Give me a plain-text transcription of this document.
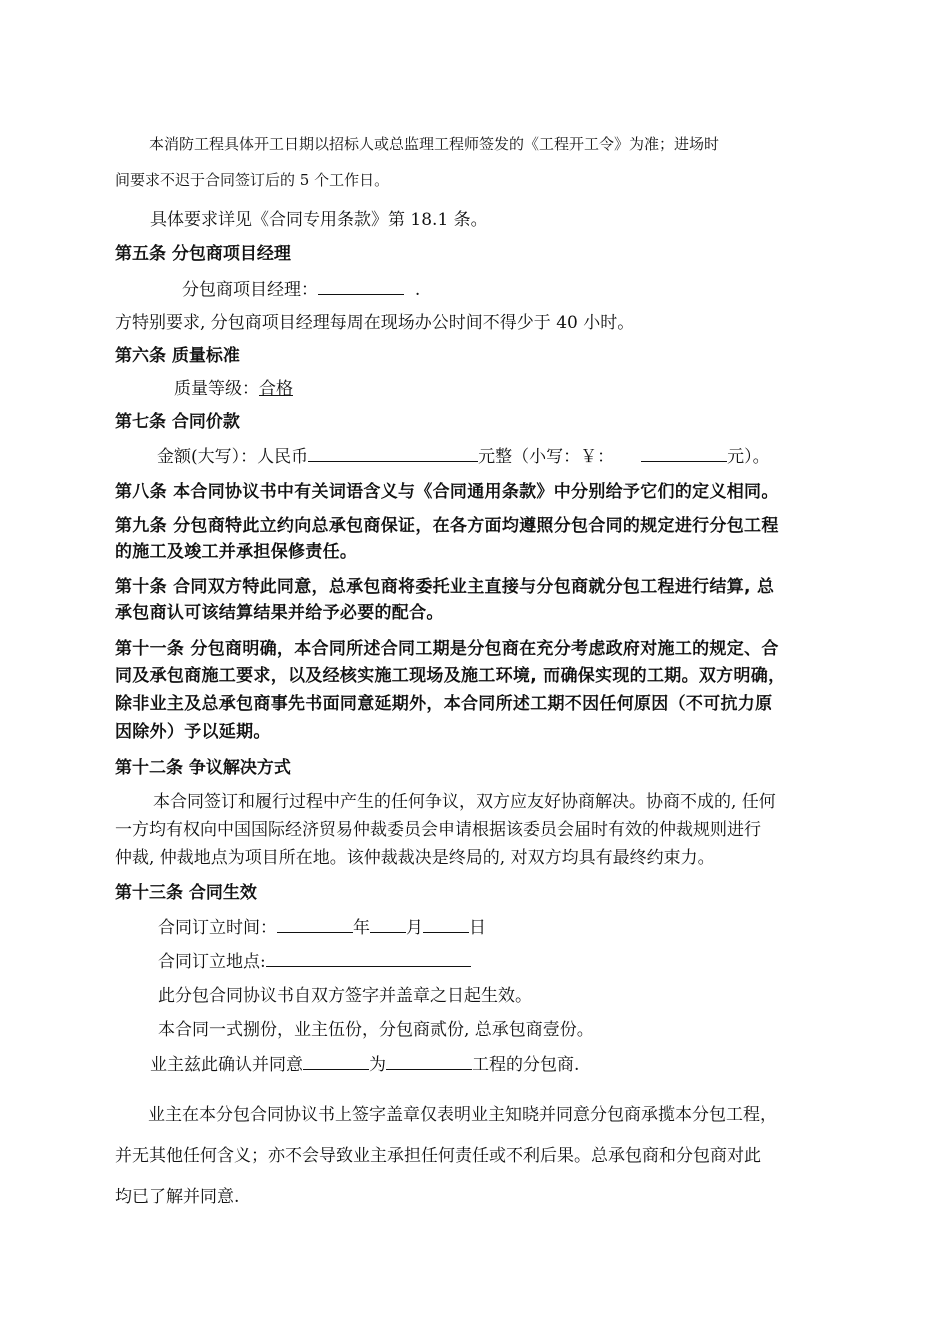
本消防工程具体开工日期以招标人或总监理工程师签发的《工程开工令》为准；进场时
间要求不迟于合同签订后的 5 个工作日。
具体要求详见《合同专用条款》第 18.1 条。
第五条 分包商项目经理
分包商项目经理：	.
方特别要求, 分包商项目经理每周在现场办公时间不得少于 40 小时。
第六条 质量标准
质量等级：合格
第七条 合同价款
金额(大写）：人民币	元整（小写：￥：	元）。
第八条 本合同协议书中有关词语含义与《合同通用条款》中分别给予它们的定义相同。
第九条 分包商特此立约向总承包商保证，在各方面均遵照分包合同的规定进行分包工程
的施工及竣工并承担保修责任。
第十条 合同双方特此同意，总承包商将委托业主直接与分包商就分包工程进行结算, 总
承包商认可该结算结果并给予必要的配合。
第十一条 分包商明确，本合同所述合同工期是分包商在充分考虑政府对施工的规定、合
同及承包商施工要求，以及经核实施工现场及施工环境, 而确保实现的工期。双方明确，
除非业主及总承包商事先书面同意延期外，本合同所述工期不因任何原因（不可抗力原
因除外）予以延期。
第十二条 争议解决方式
本合同签订和履行过程中产生的任何争议，双方应友好协商解决。协商不成的, 任何
一方均有权向中国国际经济贸易仲裁委员会申请根据该委员会届时有效的仲裁规则进行
仲裁, 仲裁地点为项目所在地。该仲裁裁决是终局的, 对双方均具有最终约束力。
第十三条 合同生效
合同订立时间：	年 月	日
合同订立地点:
此分包合同协议书自双方签字并盖章之日起生效。
本合同一式捌份，业主伍份，分包商贰份, 总承包商壹份。
业主兹此确认并同意	为	工程的分包商.
业主在本分包合同协议书上签字盖章仅表明业主知晓并同意分包商承揽本分包工程，
并无其他任何含义；亦不会导致业主承担任何责任或不利后果。总承包商和分包商对此
均已了解并同意.
